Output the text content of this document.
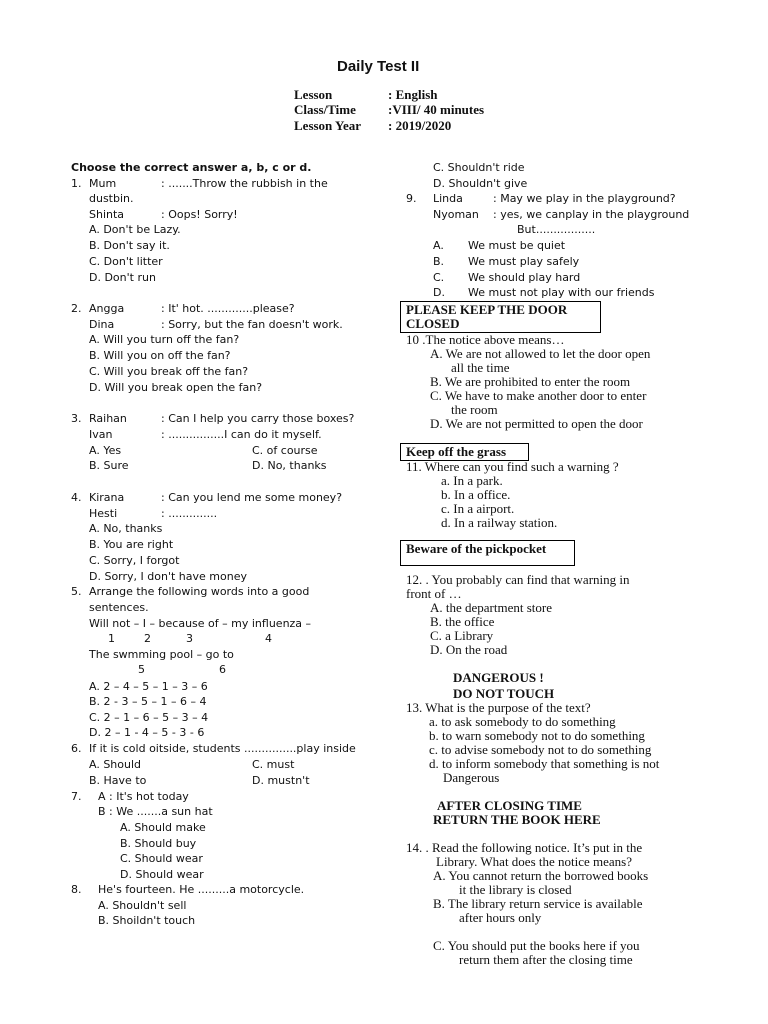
Daily Test II
Lesson	: English
Class/Time :VIII/ 40 minutes
Lesson Year : 2019/2020
Choose the correct answer a, b, c or d.
1. Mum	: .......Throw the rubbish in the
dustbin.
Shinta	: Oops! Sorry!
A. Don't be Lazy.
B. Don't say it.
C. Don't litter
D. Don't run
2. Angga	: It' hot. .............please?
Dina	: Sorry, but the fan doesn't work.
A. Will you turn off the fan?
B. Will you on off the fan?
C. Will you break off the fan?
D. Will you break open the fan?
3. Raihan	: Can I help you carry those boxes?
Ivan	: ................I can do it myself.
A. Yes	C. of course
B. Sure	D. No, thanks
4. Kirana	: Can you lend me some money?
Hesti	: ..............
A. No, thanks
B. You are right
C. Sorry, I forgot
D. Sorry, I don't have money
5. Arrange the following words into a good
sentences.
Will not – I – because of – my influenza –
1	2	3	4
The swmming pool – go to
5	6
A. 2 – 4 – 5 – 1 – 3 – 6
B. 2 - 3 – 5 – 1 – 6 – 4
C. 2 – 1 – 6 – 5 – 3 – 4
D. 2 – 1 - 4 – 5 - 3 - 6
6. If it is cold oitside, students ...............play inside
A. Should	C. must
B. Have to	D. mustn't
7. A : It's hot today
B : We .......a sun hat
A. Should make
B. Should buy
C. Should wear
D. Should wear
8. He's fourteen. He .........a motorcycle.
A. Shouldn't sell
B. Shoildn't touch
C. Shouldn't ride
D. Shouldn't give
9. Linda	: May we play in the playground?
Nyoman : yes, we canplay in the playground
But.................
A. We must be quiet
B. We must play safely
C. We should play hard
D. We must not play with our friends
PLEASE KEEP THE DOOR
CLOSED
10 .The notice above means…
A. We are not allowed to let the door open
all the time
B. We are prohibited to enter the room
C. We have to make another door to enter
the room
D. We are not permitted to open the door
Keep off the grass
11. Where can you find such a warning ?
a. In a park.
b. In a office.
c. In a airport.
d. In a railway station.
Beware of the pickpocket
12. . You probably can find that warning in
front of …
A. the department store
B. the office
C. a Library
D. On the road
DANGEROUS !
DO NOT TOUCH
13. What is the purpose of the text?
a. to ask somebody to do something
b. to warn somebody not to do something
c. to advise somebody not to do something
d. to inform somebody that something is not
Dangerous
AFTER CLOSING TIME
RETURN THE BOOK HERE
14. . Read the following notice. It’s put in the
Library. What does the notice means?
A. You cannot return the borrowed books
it the library is closed
B. The library return service is available
after hours only
C. You should put the books here if you
return them after the closing time
